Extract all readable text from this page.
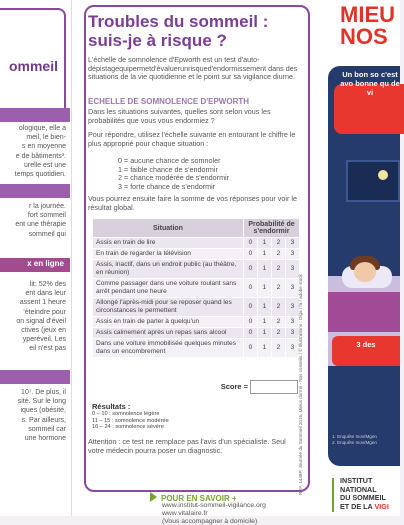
ommeil
ologique, elle a
meil, le bien-
s en moyenne
e de bâtiments³.
urelle est une
temps quotidien.
r la journée.
fort sommeil
ent une thérapie
sommeil qui
x en ligne
lit: 52% des
ent dans leur
assent 1 heure
'éteindre pour
on signal d'éveil
ctives (jeux en
yperéveil. Les
eil n'est pas
10⁷. De plus, il
sité. Sur le long
iques (obésité,
s. Par ailleurs,
sommeil car
une hormone
Troubles du sommeil : suis-je à risque ?
L'échelle de somnolence d'Epworth est un test d'auto-dépistagequipermetd'évaluerunrisqued'endormissement dans des situations de la vie quotidienne et le point sur sa vigilance diurne.
ECHELLE DE SOMNOLENCE D'EPWORTH
Dans les situations suivantes, quelles sont selon vous les probabilités que vous vous endormiez ?
Pour répondre, utilisez l'échelle suivante en entourant le chiffre le plus approprié pour chaque situation :
0 = aucune chance de somnoler
1 = faible chance de s'endormir
2 = chance modérée de s'endormir
3 = forte chance de s'endormir
Vous pourrez ensuite faire la somme de vos réponses pour voir le résultat global.
Situation	Probabilité de s'endormir			
Assis en train de lire	0	1	2	3
En train de regarder la télévision	0	1	2	3
Assis, inactif, dans un endroit public (au théâtre, en réunion)	0	1	2	3
Comme passager dans une voiture roulant sans arrêt pendant une heure	0	1	2	3
Allongé l'après-midi pour se reposer quand les circonstances le permettent	0	1	2	3
Assis en train de parler à quelqu'un	0	1	2	3
Assis calmement après un repas sans alcool	0	1	2	3
Dans une voiture immobilisée quelques minutes dans un encombrement	0	1	2	3
Score =
Résultats :
0 – 10 : somnolence légère
11 – 15 : somnolence modérée
16 – 24 : somnolence sévère
Attention : ce test ne remplace pas l'avis d'un spécialiste. Seul votre médecin pourra poser un diagnostic.
POUR EN SAVOIR +
www.institut-sommeil-vigilance.org
www.vitalaire.fr
(Vous accompagner à domicile)
REF. 1448P, Journée du Sommeil 2016, Mieux dormir - Nos conseils / © Illustrations : Olga / fa / adobe stock
MIEU
NOS
Un bon so c'est avo bonne qu de vi
3 des
1. Enquête Inov/Mgen
2. Enquête Inov/Mgen
INSTITUT
NATIONAL
DU SOMMEIL
ET DE LA VIGI
